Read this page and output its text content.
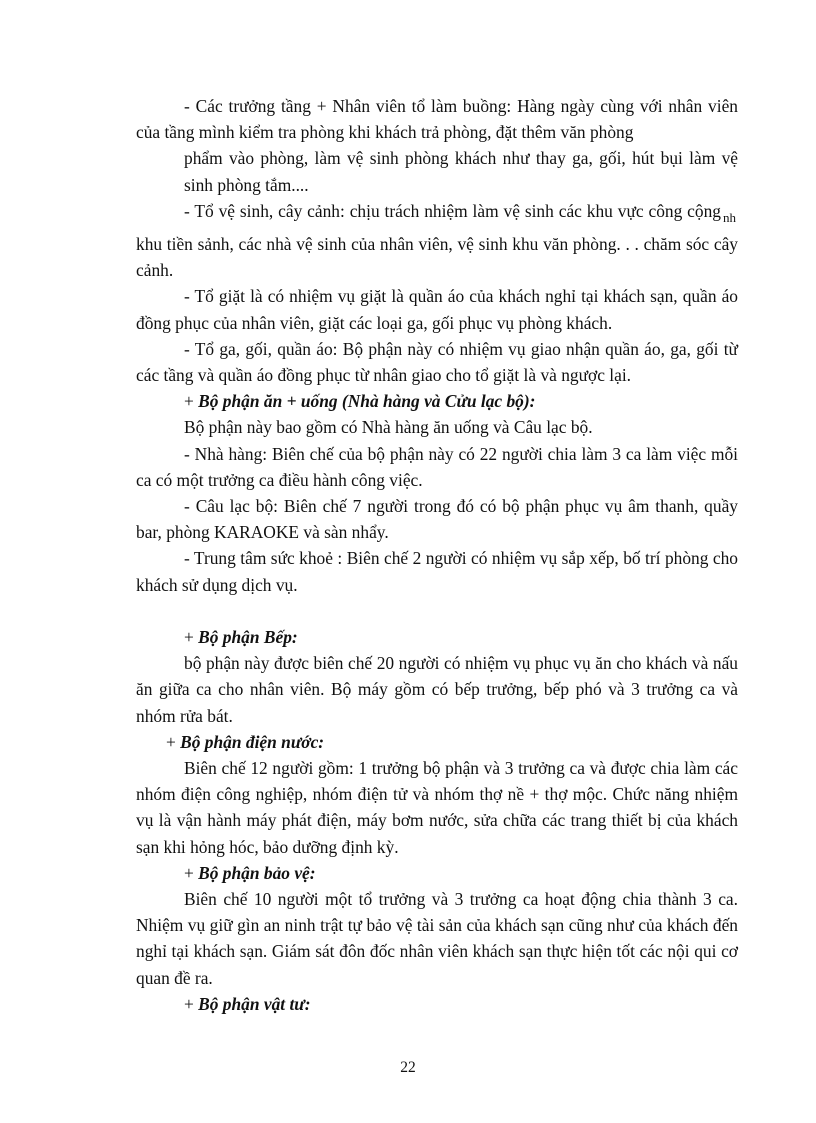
- Các trưởng tầng + Nhân viên tổ làm buồng: Hàng ngày cùng với nhân viên của tầng mình kiểm tra phòng khi khách trả phòng, đặt thêm văn phòng

phẩm vào phòng, làm vệ sinh phòng khách như thay ga, gối, hút bụi làm vệ sinh phòng tắm....

- Tổ vệ sinh, cây cảnh: chịu trách nhiệm làm vệ sinh các khu vực công cộng $_{nh}$ khu tiền sảnh, các nhà vệ sinh của nhân viên, vệ sinh khu văn phòng. . . chăm sóc cây cảnh.

- Tổ giặt là có nhiệm vụ giặt là quần áo của khách nghỉ tại khách sạn, quần áo đồng phục của nhân viên, giặt các loại ga, gối phục vụ phòng khách.

- Tổ ga, gối, quần áo: Bộ phận này có nhiệm vụ giao nhận quần áo, ga, gối từ các tầng và quần áo đồng phục từ nhân giao cho tổ giặt là và ngược lại.

+ Bộ phận ăn + uống (Nhà hàng và Cửu lạc bộ):

Bộ phận này bao gồm có Nhà hàng ăn uống và Câu lạc bộ.

- Nhà hàng: Biên chế của bộ phận này có 22 người chia làm 3 ca làm việc mỗi ca có một trưởng ca điều hành công việc.

- Câu lạc bộ: Biên chế 7 người trong đó có bộ phận phục vụ âm thanh, quầy bar, phòng KARAOKE và sàn nhẩy.

- Trung tâm sức khoẻ : Biên chế 2 người có nhiệm vụ sắp xếp, bố trí phòng cho khách sử dụng dịch vụ.

+ Bộ phận Bếp:

bộ phận này được biên chế 20 người có nhiệm vụ phục vụ ăn cho khách và nấu ăn giữa ca cho nhân viên. Bộ máy gồm có bếp trưởng, bếp phó và 3 trưởng ca và nhóm rửa bát.

+ Bộ phận điện nước:

Biên chế 12 người gồm: 1 trưởng bộ phận và 3 trưởng ca và được chia làm các nhóm điện công nghiệp, nhóm điện tử và nhóm thợ nề + thợ mộc. Chức năng nhiệm vụ là vận hành máy phát điện, máy bơm nước, sửa chữa các trang thiết bị của khách sạn khi hỏng hóc, bảo dưỡng định kỳ.

+ Bộ phận bảo vệ:

Biên chế 10 người một tổ trưởng và 3 trưởng ca hoạt động chia thành 3 ca. Nhiệm vụ giữ gìn an ninh trật tự bảo vệ tài sản của khách sạn cũng như của khách đến nghỉ tại khách sạn. Giám sát đôn đốc nhân viên khách sạn thực hiện tốt các nội qui cơ quan đề ra.

+ Bộ phận vật tư:

22
